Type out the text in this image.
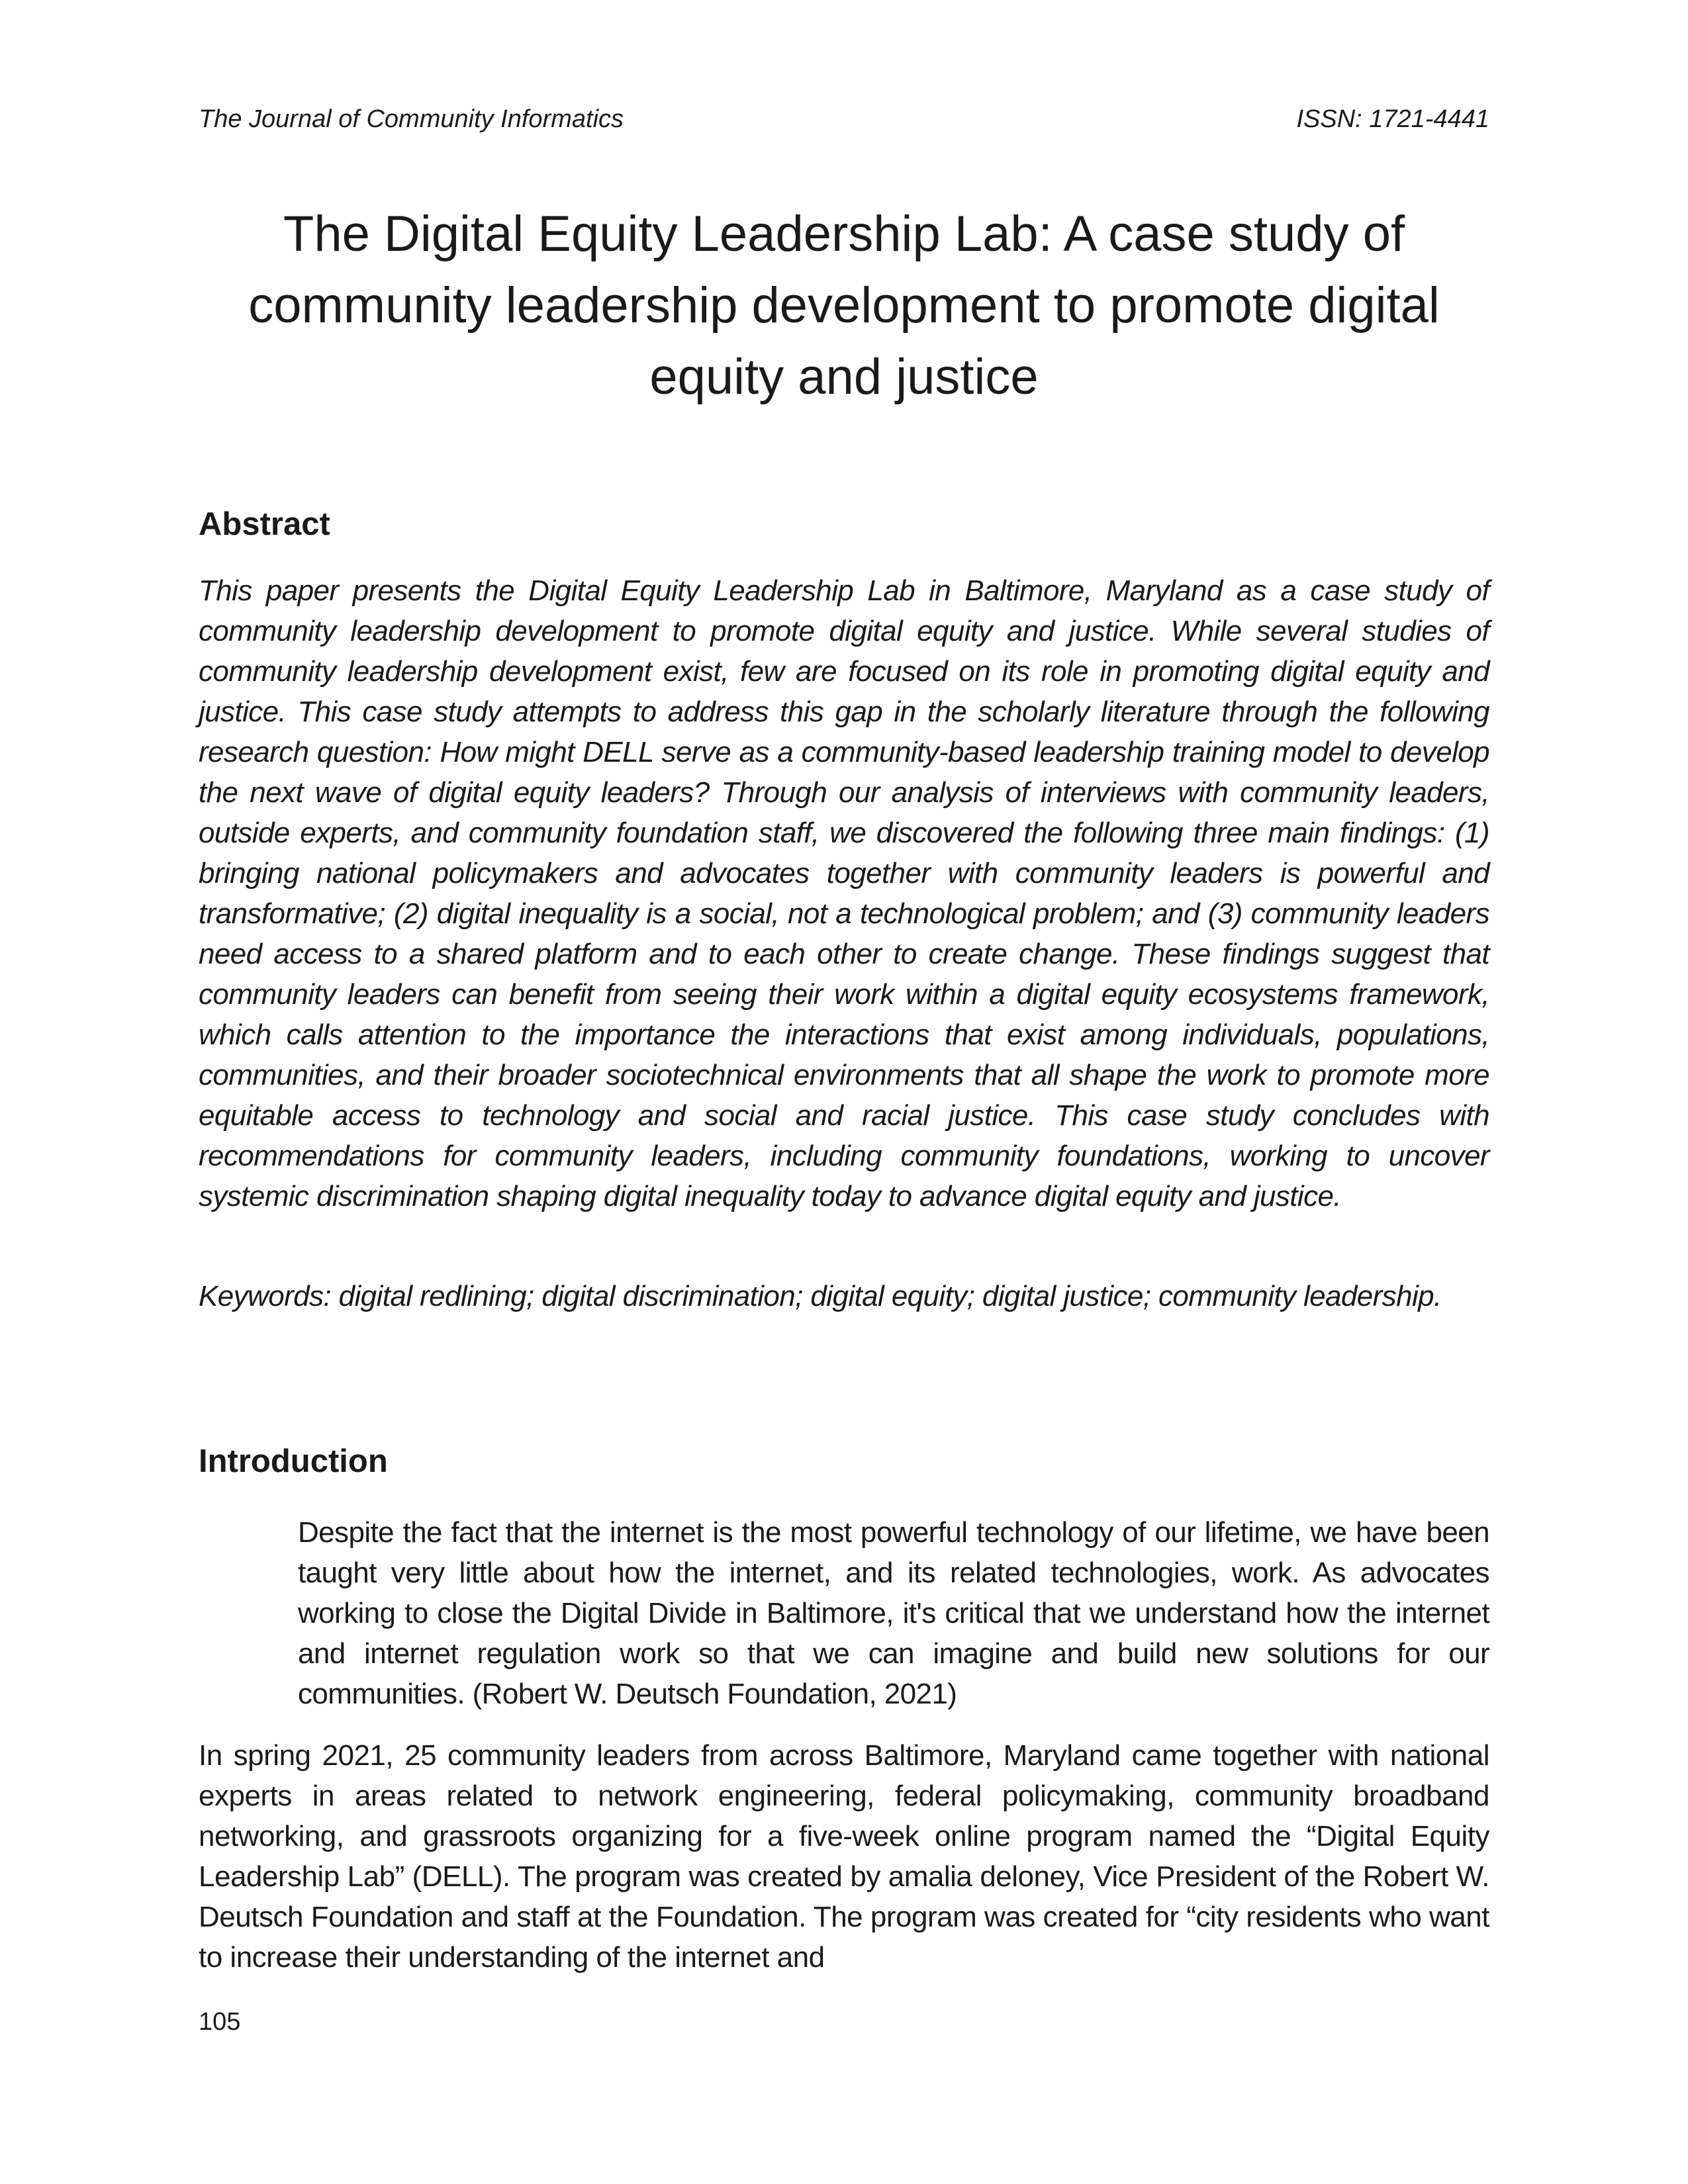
The Journal of Community Informatics	ISSN: 1721-4441
The Digital Equity Leadership Lab: A case study of community leadership development to promote digital equity and justice
Abstract

This paper presents the Digital Equity Leadership Lab in Baltimore, Maryland as a case study of community leadership development to promote digital equity and justice. While several studies of community leadership development exist, few are focused on its role in promoting digital equity and justice. This case study attempts to address this gap in the scholarly literature through the following research question: How might DELL serve as a community-based leadership training model to develop the next wave of digital equity leaders? Through our analysis of interviews with community leaders, outside experts, and community foundation staff, we discovered the following three main findings: (1) bringing national policymakers and advocates together with community leaders is powerful and transformative; (2) digital inequality is a social, not a technological problem; and (3) community leaders need access to a shared platform and to each other to create change. These findings suggest that community leaders can benefit from seeing their work within a digital equity ecosystems framework, which calls attention to the importance the interactions that exist among individuals, populations, communities, and their broader sociotechnical environments that all shape the work to promote more equitable access to technology and social and racial justice. This case study concludes with recommendations for community leaders, including community foundations, working to uncover systemic discrimination shaping digital inequality today to advance digital equity and justice.

Keywords: digital redlining; digital discrimination; digital equity; digital justice; community leadership.

Introduction

Despite the fact that the internet is the most powerful technology of our lifetime, we have been taught very little about how the internet, and its related technologies, work. As advocates working to close the Digital Divide in Baltimore, it's critical that we understand how the internet and internet regulation work so that we can imagine and build new solutions for our communities. (Robert W. Deutsch Foundation, 2021)

In spring 2021, 25 community leaders from across Baltimore, Maryland came together with national experts in areas related to network engineering, federal policymaking, community broadband networking, and grassroots organizing for a five-week online program named the “Digital Equity Leadership Lab” (DELL). The program was created by amalia deloney, Vice President of the Robert W. Deutsch Foundation and staff at the Foundation. The program was created for “city residents who want to increase their understanding of the internet and

105
